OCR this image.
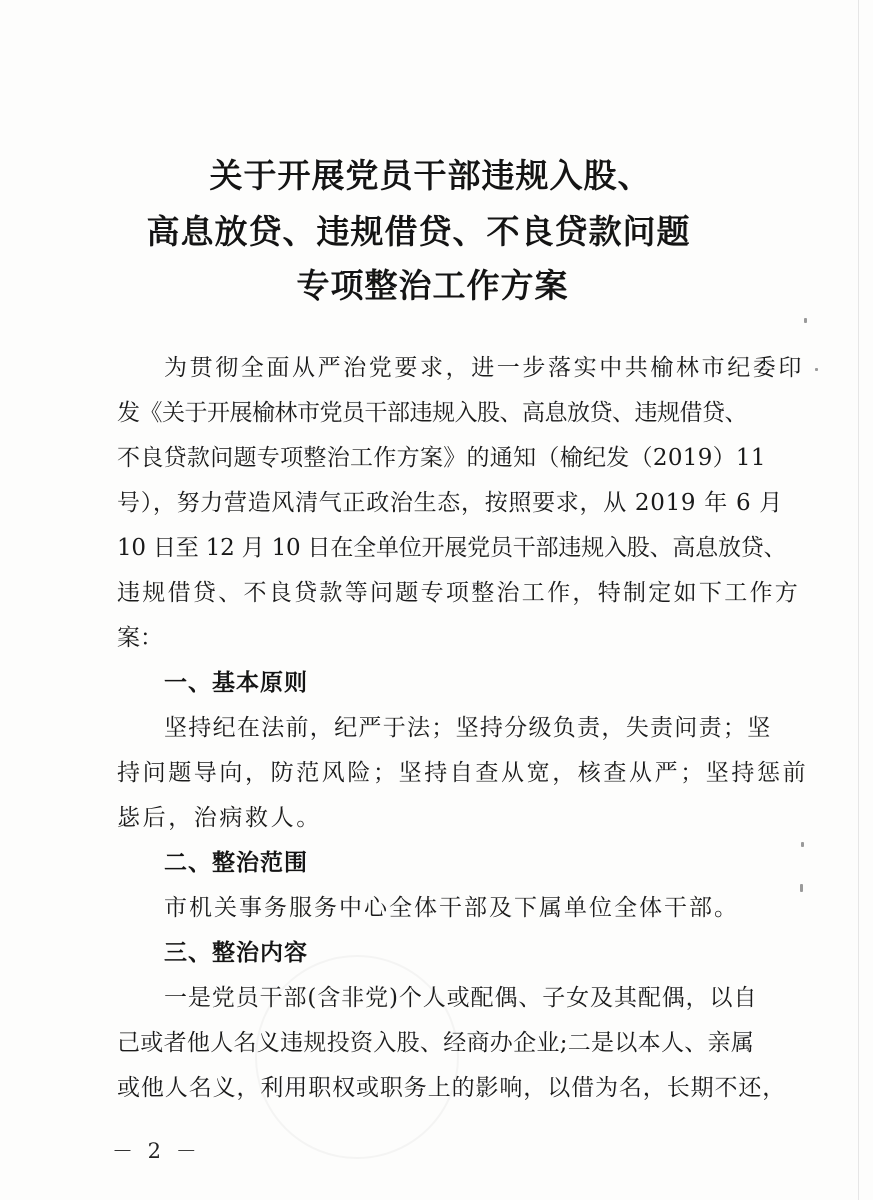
关于开展党员干部违规入股、
高息放贷、违规借贷、不良贷款问题
专项整治工作方案
为贯彻全面从严治党要求，进一步落实中共榆林市纪委印
发《关于开展榆林市党员干部违规入股、高息放贷、违规借贷、
不良贷款问题专项整治工作方案》的通知（榆纪发（2019）11
号），努力营造风清气正政治生态，按照要求，从 2019 年 6 月
10 日至 12 月 10 日在全单位开展党员干部违规入股、高息放贷、
违规借贷、不良贷款等问题专项整治工作，特制定如下工作方
案：
一、基本原则
坚持纪在法前，纪严于法；坚持分级负责，失责问责；坚
持问题导向，防范风险；坚持自查从宽，核查从严；坚持惩前
毖后，治病救人。
二、整治范围
市机关事务服务中心全体干部及下属单位全体干部。
三、整治内容
一是党员干部(含非党)个人或配偶、子女及其配偶，以自
己或者他人名义违规投资入股、经商办企业;二是以本人、亲属
或他人名义，利用职权或职务上的影响，以借为名，长期不还，
－ 2 －
